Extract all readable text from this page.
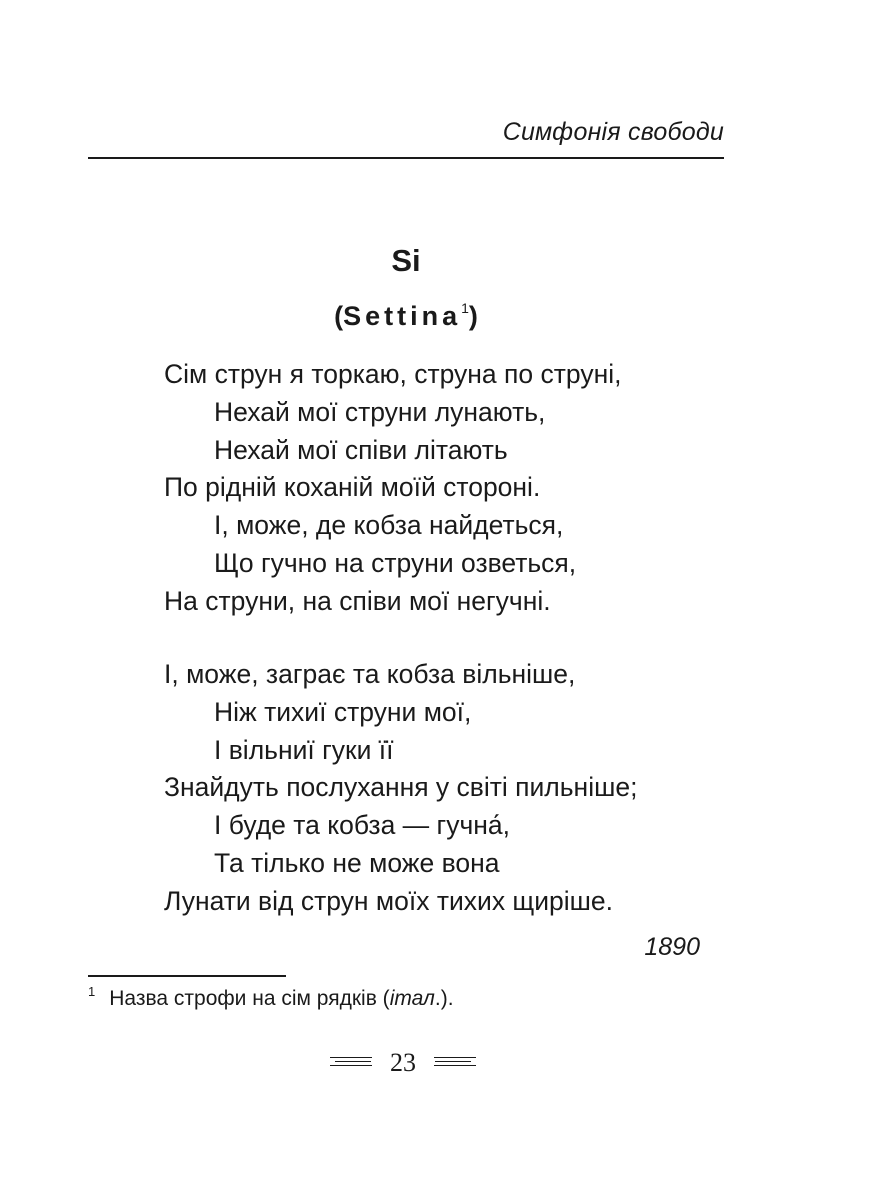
Симфонія свободи
Si
(Settina$^1$)
Сім струн я торкаю, струна по струні,
Нехай мої струни лунають,
Нехай мої співи літають
По рідній коханій моїй стороні.
І, може, де кобза найдеться,
Що гучно на струни озветься,
На струни, на співи мої негучні.
І, може, заграє та кобза вільніше,
Ніж тихиї струни мої,
І вільниї гуки її
Знайдуть послухання у світі пильніше;
І буде та кобза — гучна́,
Та тілько не може вона
Лунати від струн моїх тихих щиріше.
1890
$^1$ Назва строфи на сім рядків (італ.).
23
